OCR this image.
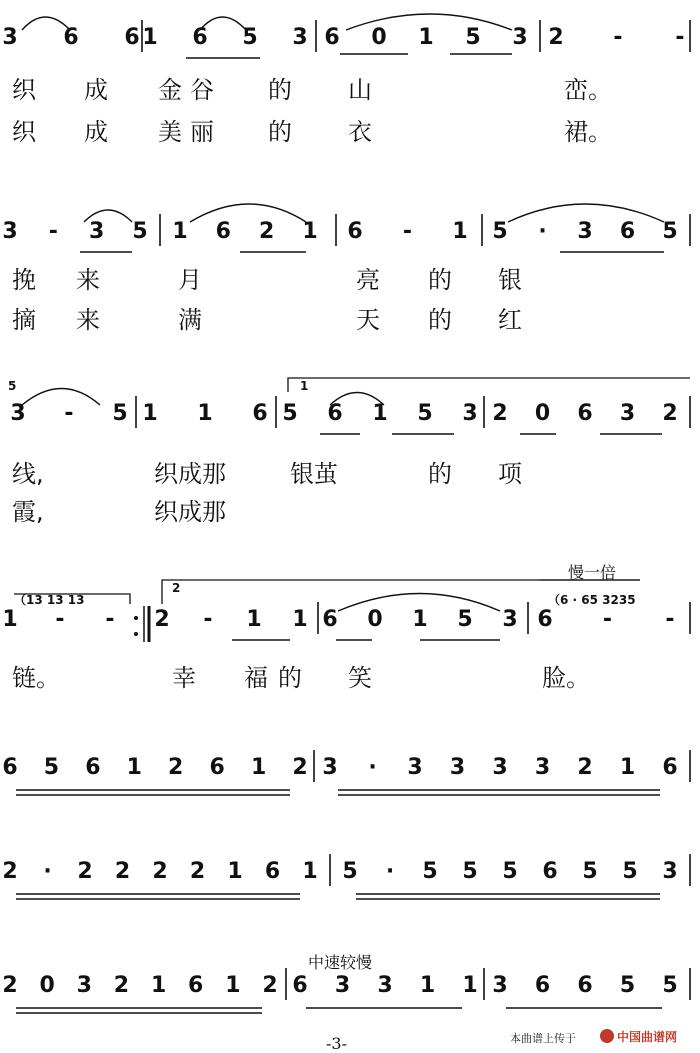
3 6 6 1 6 5 3 6 0 1 5 3 2 - -
3 - 3 5 1 6 2 1 6 - 1 5 · 3 6 5
3 - 5 1 1 6 5 6 1 5 3 2 0 6 3 2
1 - - 2 - 1 1 6 0 1 5 3 6 - -
6 5 6 1 2 6 1 2 3 · 3 3 3 3 2 1 6
2 · 2 2 2 2 1 6 1 5 · 5 5 5 6 5 5 3
2 0 3 2 1 6 1 2 6 3 3 1 1 3 6 6 5 5
1
2
5
（13 13 13	（6 · 65 3235
织 成 金 谷 的 山	峦。
织 成 美 丽 的 衣	裙。
挽 来	月	亮 的 银
摘 来	满	天 的 红
线,	织成那	银茧	的 项
霞,	织成那
链。	幸 福 的 笑	脸。
慢一倍
中速较慢
-3-	本曲谱上传于	中国曲谱网
